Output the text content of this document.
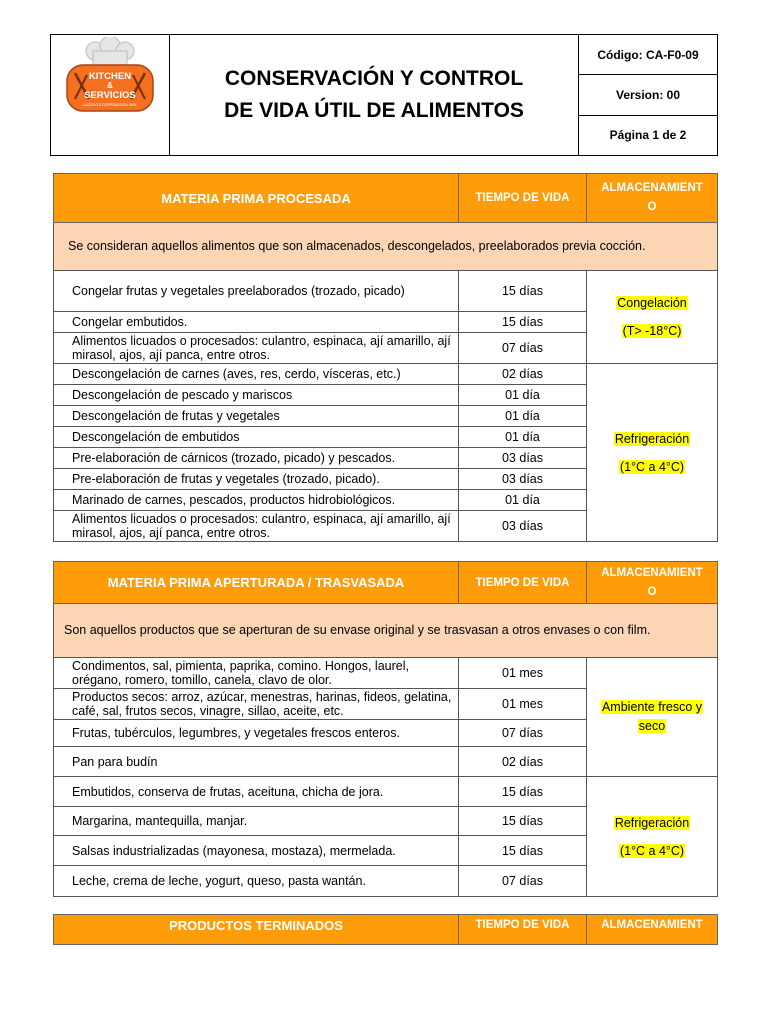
KITCHEN
&
SERVICIOS
LUCERO'S CORPORATION EIRL
CONSERVACIÓN Y CONTROL
DE VIDA ÚTIL DE ALIMENTOS
Código: CA-F0-09
Version: 00
Página 1 de 2
MATERIA PRIMA PROCESADA	TIEMPO DE VIDA	ALMACENAMIENT
O

Se consideran aquellos alimentos que son almacenados, descongelados, preelaborados previa cocción.		
Congelar frutas y vegetales preelaborados (trozado, picado)	15 días	Congelación
(T> -18°C)

Congelar embutidos.	15 días	
Alimentos licuados o procesados: culantro, espinaca, ají amarillo, ají mirasol, ajos, ají panca, entre otros.	07 días	
Descongelación de carnes (aves, res, cerdo, vísceras, etc.)	02 días	Refrigeración
(1°C a 4°C)

Descongelación de pescado y mariscos	01 día	
Descongelación de frutas y vegetales	01 día	
Descongelación de embutidos	01 día	
Pre-elaboración de cárnicos (trozado, picado) y pescados.	03 días	
Pre-elaboración de frutas y vegetales (trozado, picado).	03 días	
Marinado de carnes, pescados, productos hidrobiológicos.	01 día	
Alimentos licuados o procesados: culantro, espinaca, ají amarillo, ají mirasol, ajos, ají panca, entre otros.	03 días	
MATERIA PRIMA APERTURADA / TRASVASADA	TIEMPO DE VIDA	ALMACENAMIENT
O

Son aquellos productos que se aperturan de su envase original y se trasvasan a otros envases o con film.		
Condimentos, sal, pimienta, paprika, comino. Hongos, laurel, orégano, romero, tomillo, canela, clavo de olor.	01 mes	Ambiente fresco y
seco

Productos secos: arroz, azúcar, menestras, harinas, fideos, gelatina, café, sal, frutos secos, vinagre, sillao, aceite, etc.	01 mes	
Frutas, tubérculos, legumbres, y vegetales frescos enteros.	07 días	
Pan para budín	02 días	
Embutidos, conserva de frutas, aceituna, chicha de jora.	15 días	Refrigeración
(1°C a 4°C)

Margarina, mantequilla, manjar.	15 días	
Salsas industrializadas (mayonesa, mostaza), mermelada.	15 días	
Leche, crema de leche, yogurt, queso, pasta wantán.	07 días	
PRODUCTOS TERMINADOS	TIEMPO DE VIDA	ALMACENAMIENT
